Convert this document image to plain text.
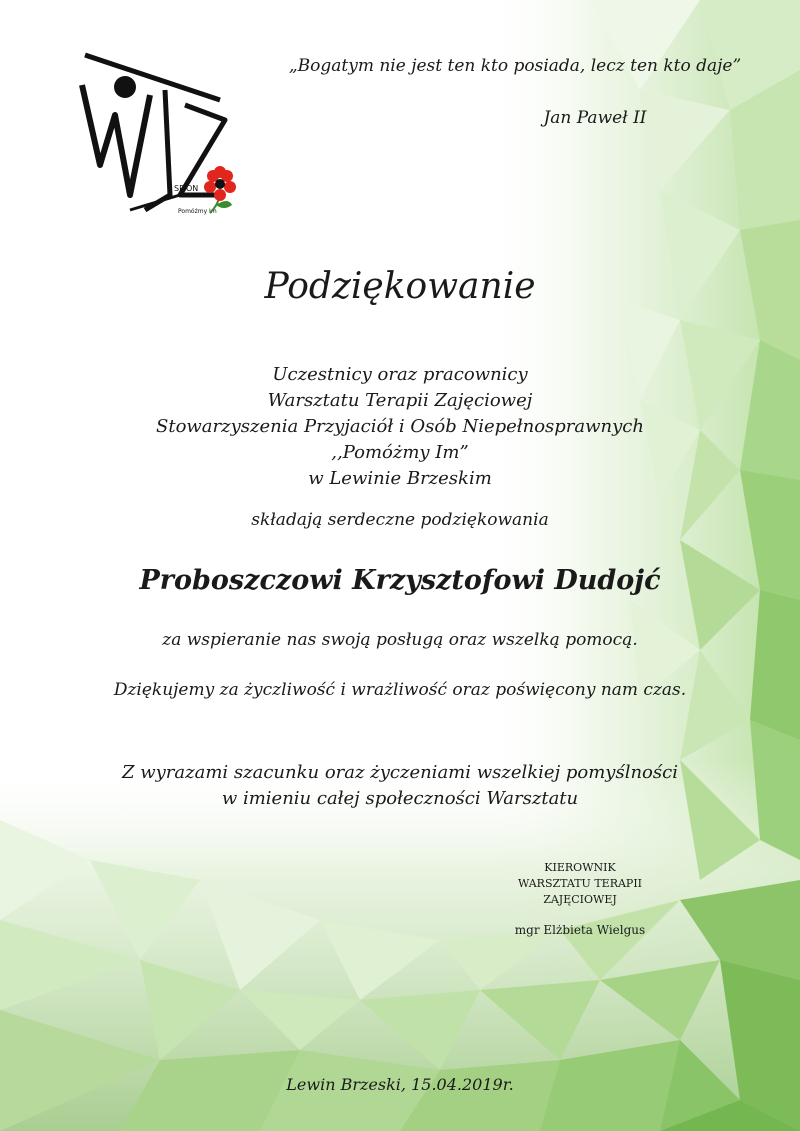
SPiON
Pomóżmy Im
„Bogatym nie jest ten kto posiada, lecz ten kto daje”
Jan Paweł II
Podziękowanie
Uczestnicy oraz pracownicy
Warsztatu Terapii Zajęciowej
Stowarzyszenia Przyjaciół i Osób Niepełnosprawnych
,,Pomóżmy Im”
w Lewinie Brzeskim
składają serdeczne podziękowania
Proboszczowi Krzysztofowi Dudojć
za wspieranie nas swoją posługą oraz wszelką pomocą.
Dziękujemy za życzliwość i wrażliwość oraz poświęcony nam czas.
Z wyrazami szacunku oraz życzeniami wszelkiej pomyślności
w imieniu całej społeczności Warsztatu
KIEROWNIK
WARSZTATU TERAPII
ZAJĘCIOWEJ
mgr Elżbieta Wielgus
Lewin Brzeski, 15.04.2019r.
